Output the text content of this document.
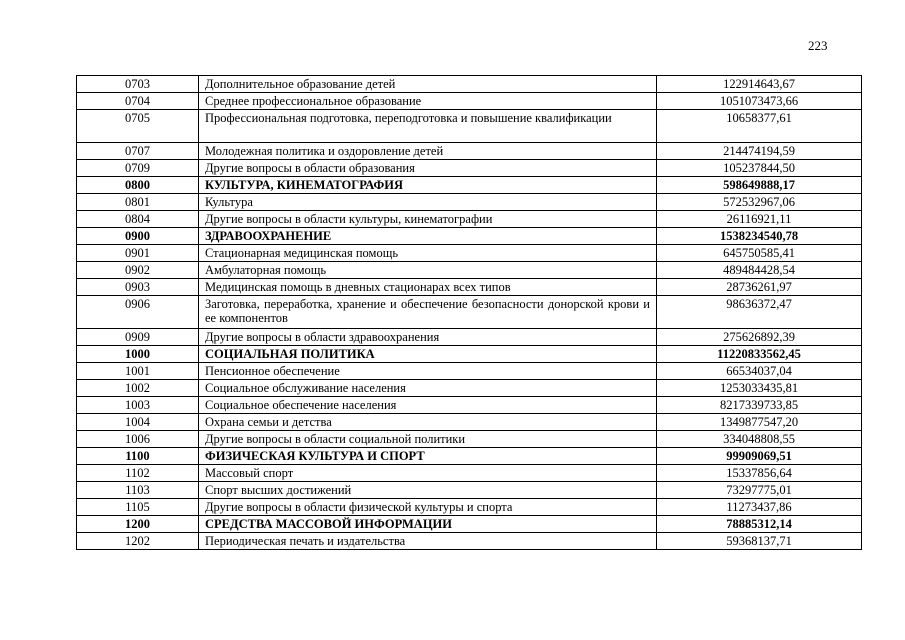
223
0703	Дополнительное образование детей	122914643,67
0704	Среднее профессиональное образование	1051073473,66
0705	Профессиональная подготовка, переподготовка и повышение квалификации	10658377,61
0707	Молодежная политика и оздоровление детей	214474194,59
0709	Другие вопросы в области образования	105237844,50
0800	КУЛЬТУРА, КИНЕМАТОГРАФИЯ	598649888,17
0801	Культура	572532967,06
0804	Другие вопросы в области культуры, кинематографии	26116921,11
0900	ЗДРАВООХРАНЕНИЕ	1538234540,78
0901	Стационарная медицинская помощь	645750585,41
0902	Амбулаторная помощь	489484428,54
0903	Медицинская помощь в дневных стационарах всех типов	28736261,97
0906	Заготовка, переработка, хранение и обеспечение безопасности донорской крови и ее компонентов	98636372,47
0909	Другие вопросы в области здравоохранения	275626892,39
1000	СОЦИАЛЬНАЯ ПОЛИТИКА	11220833562,45
1001	Пенсионное обеспечение	66534037,04
1002	Социальное обслуживание населения	1253033435,81
1003	Социальное обеспечение населения	8217339733,85
1004	Охрана семьи и детства	1349877547,20
1006	Другие вопросы в области социальной политики	334048808,55
1100	ФИЗИЧЕСКАЯ КУЛЬТУРА И СПОРТ	99909069,51
1102	Массовый спорт	15337856,64
1103	Спорт высших достижений	73297775,01
1105	Другие вопросы в области физической культуры и спорта	11273437,86
1200	СРЕДСТВА МАССОВОЙ ИНФОРМАЦИИ	78885312,14
1202	Периодическая печать и издательства	59368137,71
